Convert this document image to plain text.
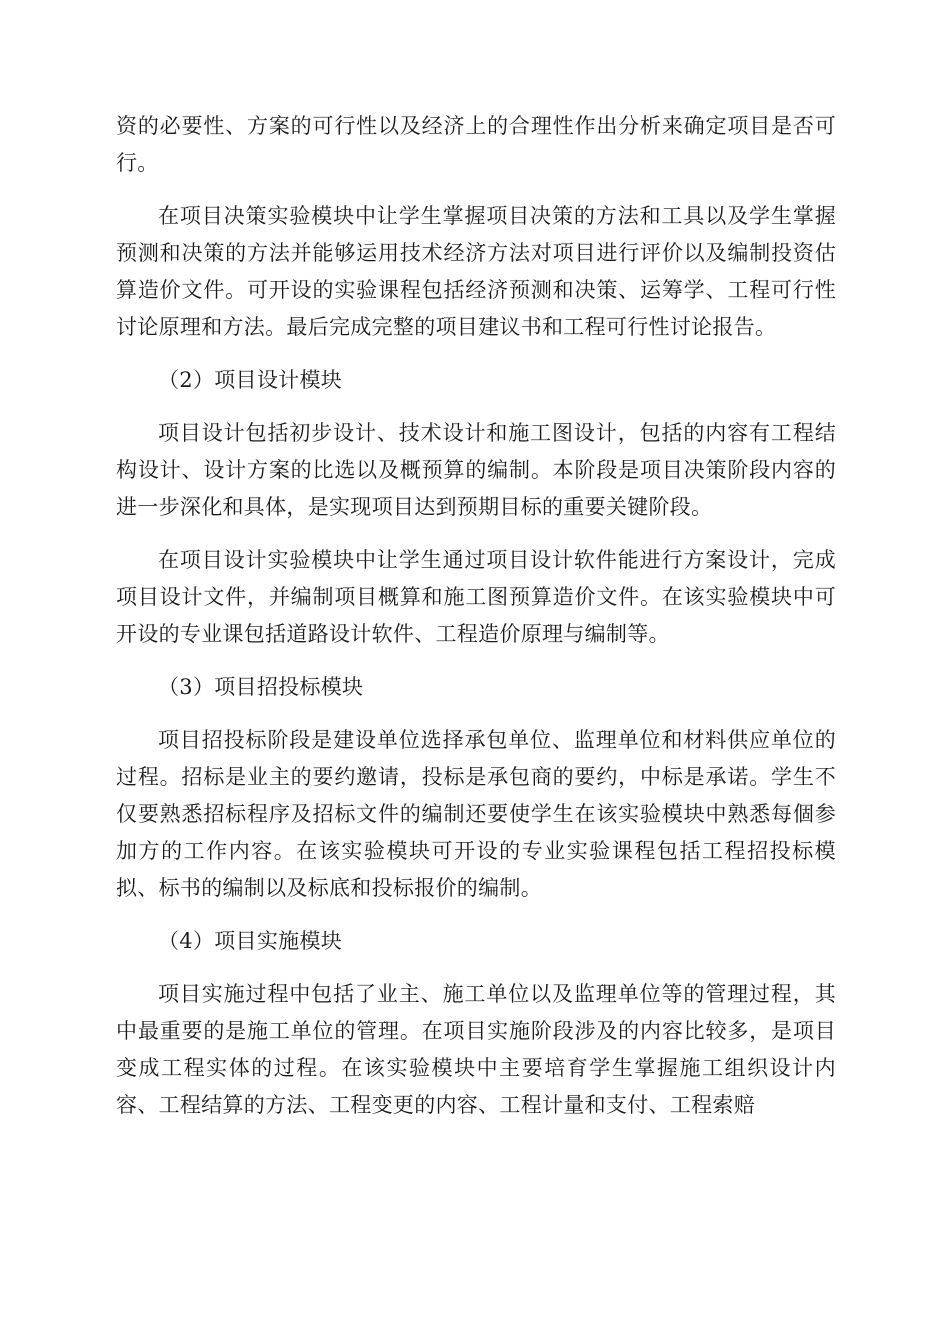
资的必要性、方案的可行性以及经济上的合理性作出分析来确定项目是否可行。

在项目决策实验模块中让学生掌握项目决策的方法和工具以及学生掌握预测和决策的方法并能够运用技术经济方法对项目进行评价以及编制投资估算造价文件。可开设的实验课程包括经济预测和决策、运筹学、工程可行性讨论原理和方法。最后完成完整的项目建议书和工程可行性讨论报告。

（2）项目设计模块

项目设计包括初步设计、技术设计和施工图设计，包括的内容有工程结构设计、设计方案的比选以及概预算的编制。本阶段是项目决策阶段内容的进一步深化和具体，是实现项目达到预期目标的重要关键阶段。

在项目设计实验模块中让学生通过项目设计软件能进行方案设计，完成项目设计文件，并编制项目概算和施工图预算造价文件。在该实验模块中可开设的专业课包括道路设计软件、工程造价原理与编制等。

（3）项目招投标模块

项目招投标阶段是建设单位选择承包单位、监理单位和材料供应单位的过程。招标是业主的要约邀请，投标是承包商的要约，中标是承诺。学生不仅要熟悉招标程序及招标文件的编制还要使学生在该实验模块中熟悉每個参加方的工作内容。在该实验模块可开设的专业实验课程包括工程招投标模拟、标书的编制以及标底和投标报价的编制。

（4）项目实施模块

项目实施过程中包括了业主、施工单位以及监理单位等的管理过程，其中最重要的是施工单位的管理。在项目实施阶段涉及的内容比较多，是项目变成工程实体的过程。在该实验模块中主要培育学生掌握施工组织设计内容、工程结算的方法、工程变更的内容、工程计量和支付、工程索赔
